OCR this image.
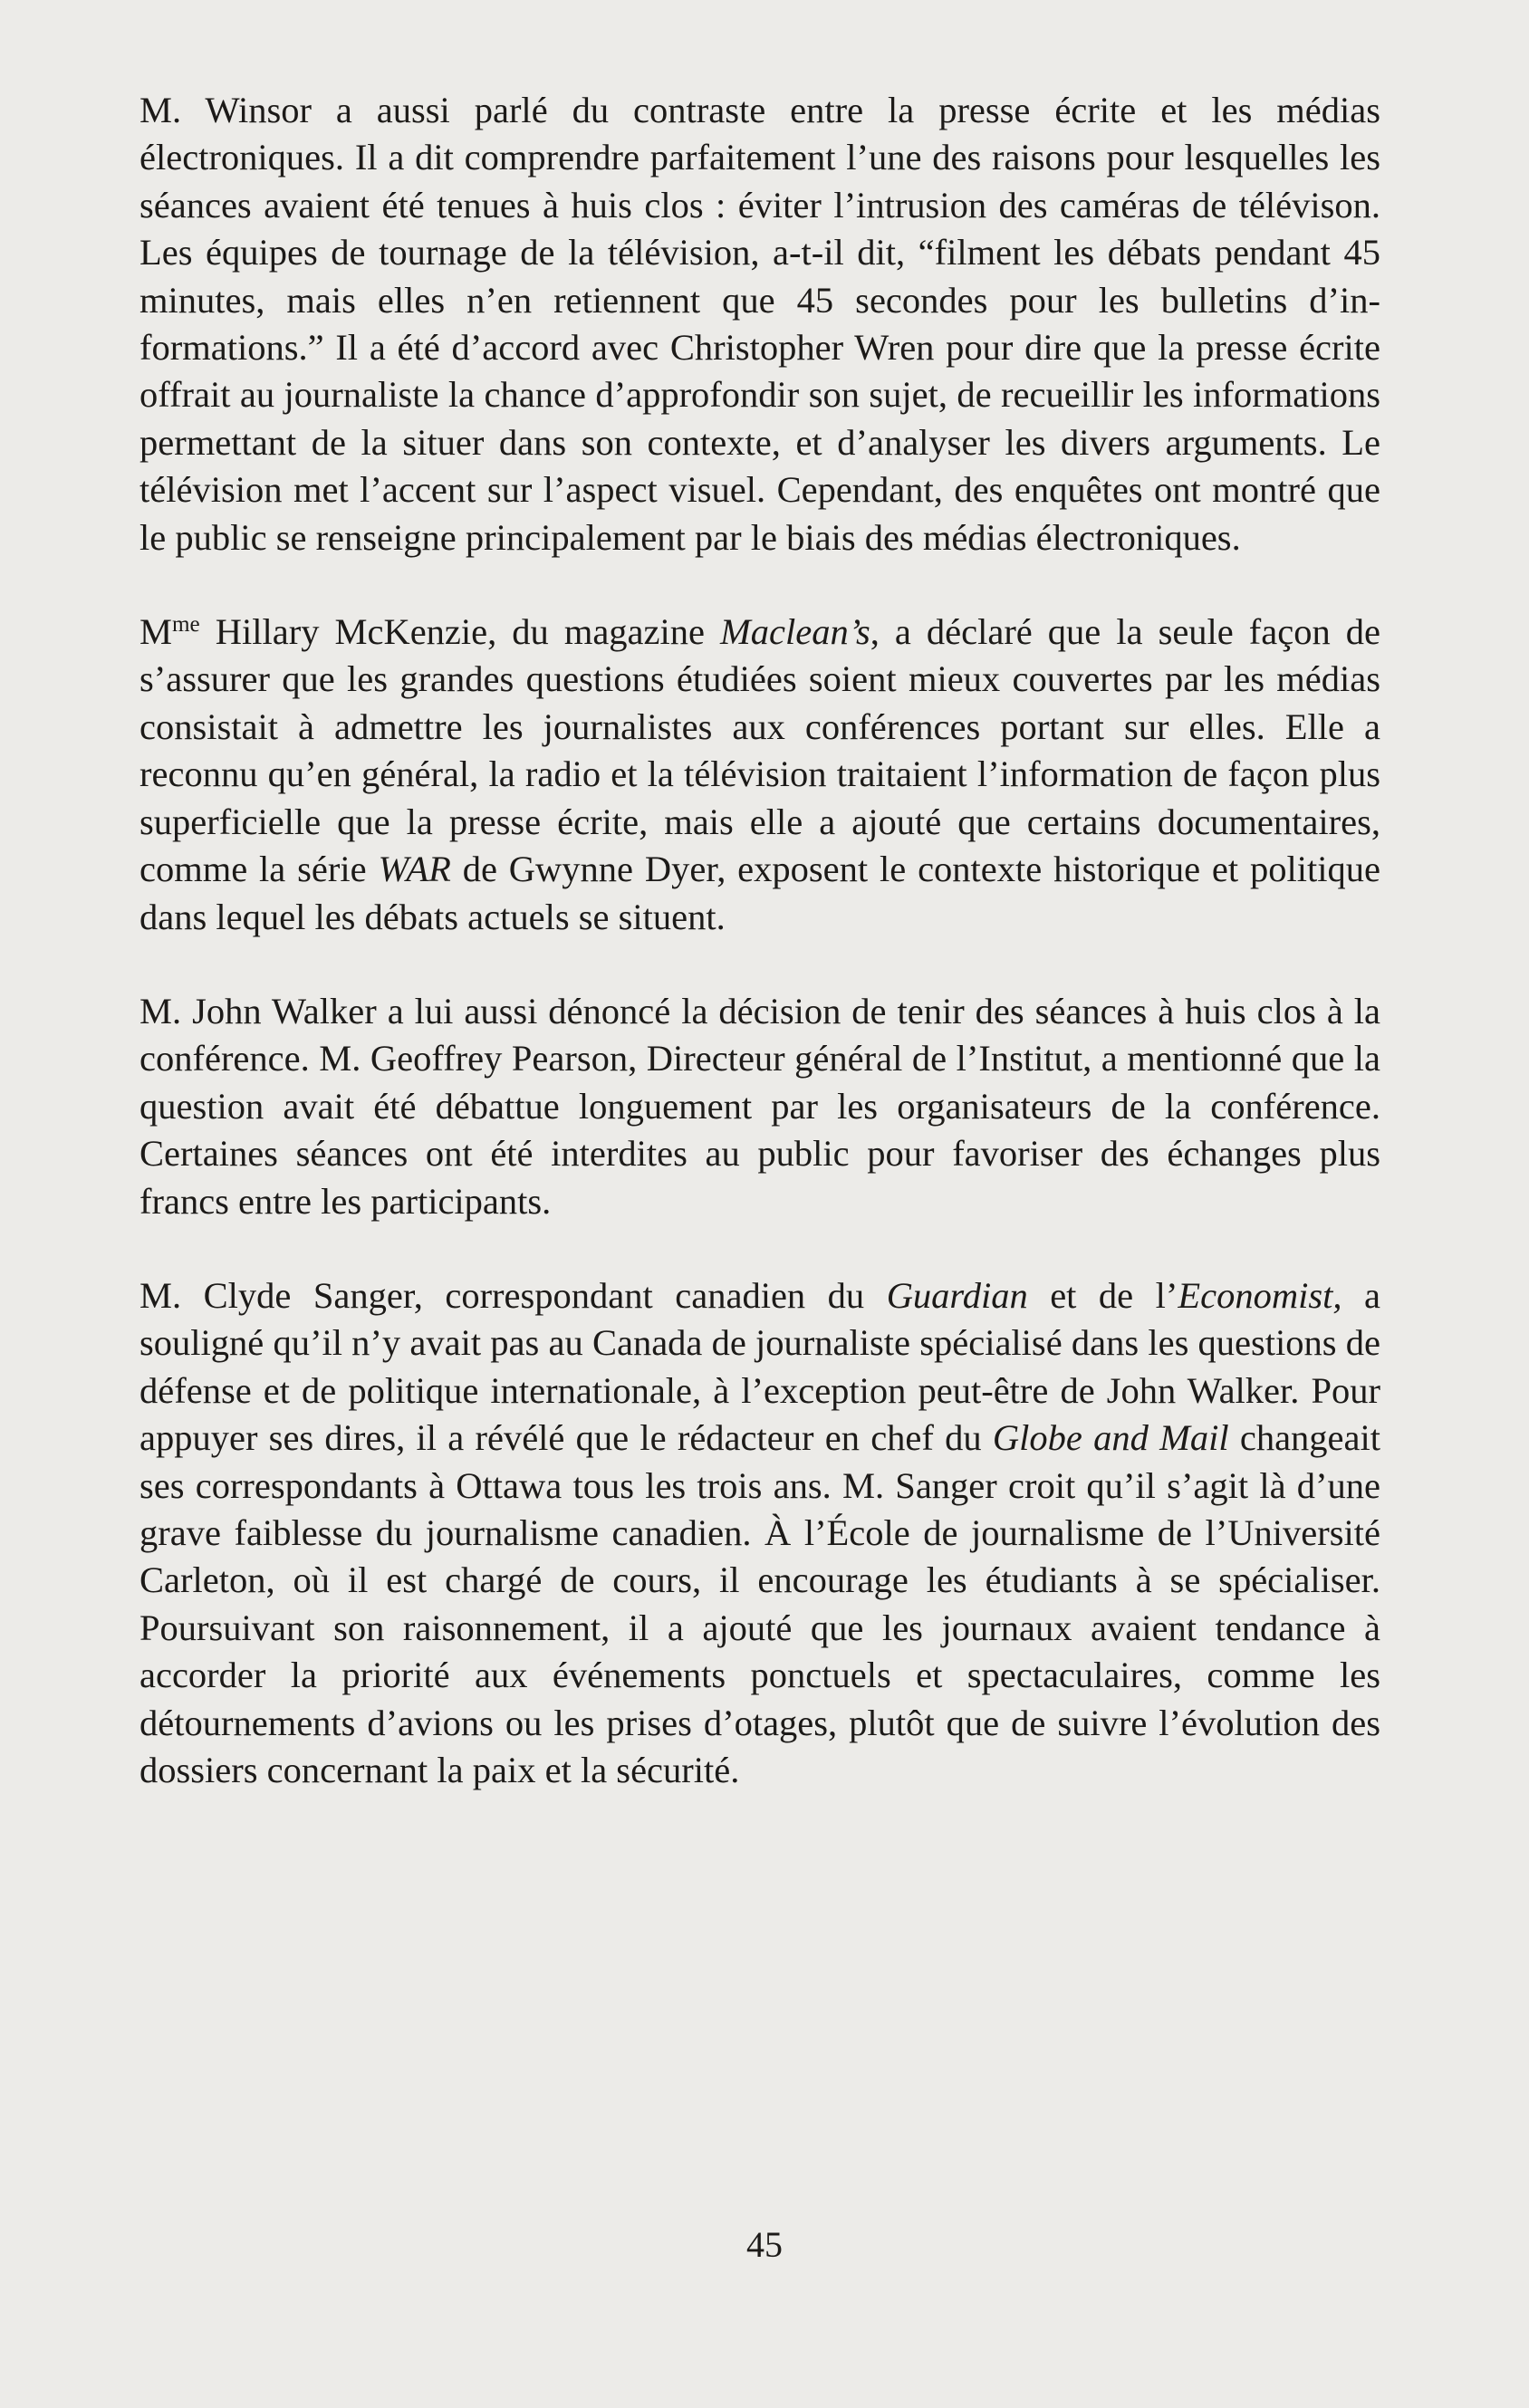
M. Winsor a aussi parlé du contraste entre la presse écrite et les médias électroniques. Il a dit comprendre parfaitement l’une des raisons pour lesquelles les séances avaient été tenues à huis clos : éviter l’intrusion des caméras de télévison. Les équipes de tournage de la télévision, a-t-il dit, “filment les débats pendant 45 minutes, mais elles n’en retiennent que 45 secondes pour les bulletins d’informations.” Il a été d’accord avec Christopher Wren pour dire que la presse écrite offrait au journaliste la chance d’approfondir son sujet, de recueillir les informations permettant de la situer dans son contexte, et d’analyser les divers arguments. Le télévision met l’accent sur l’aspect visuel. Cependant, des enquêtes ont montré que le public se renseigne principalement par le biais des médias électroniques.

$M^{me}$ Hillary McKenzie, du magazine Maclean’s, a déclaré que la seule façon de s’assurer que les grandes questions étudiées soient mieux couvertes par les médias consistait à admettre les journalistes aux conférences portant sur elles. Elle a reconnu qu’en général, la radio et la télévision traitaient l’information de façon plus superficielle que la presse écrite, mais elle a ajouté que certains documentaires, comme la série WAR de Gwynne Dyer, exposent le contexte historique et politique dans lequel les débats actuels se situent.

M. John Walker a lui aussi dénoncé la décision de tenir des séances à huis clos à la conférence. M. Geoffrey Pearson, Directeur général de l’Institut, a mentionné que la question avait été débattue longuement par les organisateurs de la conférence. Certaines séances ont été interdites au public pour favoriser des échanges plus francs entre les participants.

M. Clyde Sanger, correspondant canadien du Guardian et de l’Economist, a souligné qu’il n’y avait pas au Canada de journaliste spécialisé dans les questions de défense et de politique internationale, à l’exception peut-être de John Walker. Pour appuyer ses dires, il a révélé que le rédacteur en chef du Globe and Mail changeait ses correspondants à Ottawa tous les trois ans. M. Sanger croit qu’il s’agit là d’une grave faiblesse du journalisme canadien. À l’École de journalisme de l’Université Carleton, où il est chargé de cours, il encourage les étudiants à se spécialiser. Poursuivant son raisonnement, il a ajouté que les journaux avaient tendance à accorder la priorité aux événements ponctuels et spectaculaires, comme les détournements d’avions ou les prises d’otages, plutôt que de suivre l’évolution des dossiers concernant la paix et la sécurité.

45
